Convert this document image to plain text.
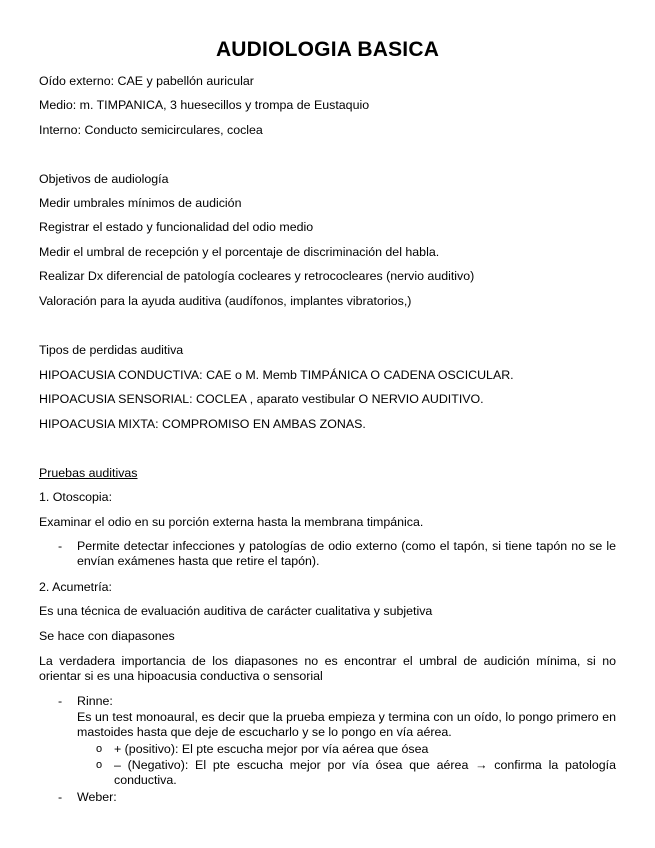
AUDIOLOGIA BASICA
Oído externo: CAE y pabellón auricular
Medio: m. TIMPANICA, 3 huesecillos y trompa de Eustaquio
Interno: Conducto semicirculares, coclea
Objetivos de audiología
Medir umbrales mínimos de audición
Registrar el estado y funcionalidad del odio medio
Medir el umbral de recepción y el porcentaje de discriminación del habla.
Realizar Dx diferencial de patología cocleares y retrococleares (nervio auditivo)
Valoración para la ayuda auditiva (audífonos, implantes vibratorios,)
Tipos de perdidas auditiva
HIPOACUSIA CONDUCTIVA: CAE o M. Memb TIMPÁNICA O CADENA OSCICULAR.
HIPOACUSIA SENSORIAL: COCLEA , aparato vestibular O NERVIO AUDITIVO.
HIPOACUSIA MIXTA: COMPROMISO EN AMBAS ZONAS.
Pruebas auditivas
1. Otoscopia:
Examinar el odio en su porción externa hasta la membrana timpánica.
- Permite detectar infecciones y patologías de odio externo (como el tapón, si tiene tapón no se le envían exámenes hasta que retire el tapón).
2. Acumetría:
Es una técnica de evaluación auditiva de carácter cualitativa y subjetiva
Se hace con diapasones
La verdadera importancia de los diapasones no es encontrar el umbral de audición mínima, si no orientar si es una hipoacusia conductiva o sensorial
- Rinne:
Es un test monoaural, es decir que la prueba empieza y termina con un oído, lo pongo primero en mastoides hasta que deje de escucharlo y se lo pongo en vía aérea.
o + (positivo): El pte escucha mejor por vía aérea que ósea
o – (Negativo): El pte escucha mejor por vía ósea que aérea → confirma la patología conductiva.
- Weber:
